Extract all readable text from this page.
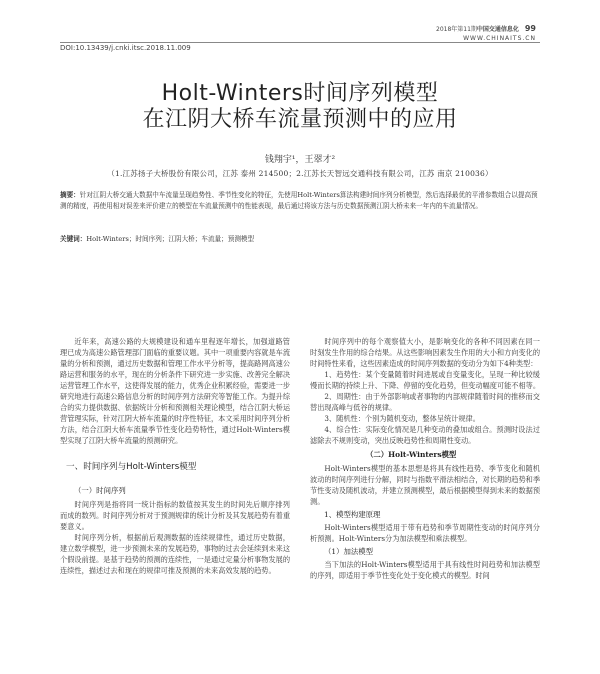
2018年第11期中国交通信息化 99
WWW.CHINAITS.CN
DOI:10.13439/j.cnki.itsc.2018.11.009
Holt-Winters时间序列模型
在江阴大桥车流量预测中的应用
钱翔宇¹，王翠才²
（1.江苏扬子大桥股份有限公司，江苏 泰州 214500；2.江苏长天智远交通科技有限公司，江苏 南京 210036）
摘要：针对江阴大桥交通大数据中车流量呈现趋势性、季节性变化的特征，先使用Holt-Winters算法构建时间序列分析模型，然后选择最优的平滑参数组合以提高预测的精度，再使用相对误差来评价建立的模型在车流量预测中的性能表现，最后通过将该方法与历史数据预测江阴大桥未来一年内的车流量情况。
关键词：Holt-Winters；时间序列；江阴大桥；车流量；预测模型

近年来，高速公路的大规模建设和通车里程逐年增长，加强道路管理已成为高速公路管理部门面临的重要议题。其中一项重要内容就是车流量的分析和预测，通过历史数据和管理工作水平分析等，提高路网高速公路运营和服务的水平，现在的分析条件下研究进一步实施、改善完全解决运营管理工作水平，这使得发展的能力，优秀企业积累经验，需要进一步研究地进行高速公路信息分析的时间序列方法研究等智能工作。为提升综合的实力提供数据、依据统计分析和预测相关理论模型，结合江阴大桥运营管理实际，针对江阴大桥车流量的时序性特征，本文采用时间序列分析方法，结合江阴大桥车流量季节性变化趋势特性，通过Holt-Winters模型实现了江阴大桥车流量的预测研究。

一、时间序列与Holt-Winters模型

（一）时间序列

时间序列是指将同一统计指标的数值按其发生的时间先后顺序排列而成的数列。时间序列分析对于预测规律的统计分析及其发展趋势有着重要意义。

时间序列分析，根据前后观测数据的连续规律性，通过历史数据，建立数学模型，进一步预测未来的发展趋势，事物的过去会延续到未来这个假设前提。是基于趋势的预测的连续性，一是通过定量分析事物发展的连续性，描述过去和现在的规律可推及预测的未来高效发展的趋势。

时间序列中的每个观察值大小，是影响变化的各种不同因素在同一时刻发生作用的综合结果。从这些影响因素发生作用的大小和方向变化的时间特性来看，这些因素造成的时间序列数据的变动分为如下4种类型：

1、趋势性：某个变量随着时间进展或自变量变化，呈现一种比较缓慢而长期的持续上升、下降、停留的变化趋势，但变动幅度可能不相等。

2、周期性：由于外部影响或者事物的内部规律随着时间的推移而交替出现高峰与低谷的规律。

3、随机性：个别为随机变动，整体呈统计规律。

4、综合性：实际变化情况是几种变动的叠加或组合。预测时设法过滤除去不规则变动，突出反映趋势性和周期性变动。

（二）Holt-Winters模型

Holt-Winters模型的基本思想是将具有线性趋势、季节变化和随机波动的时间序列进行分解，同时与指数平滑法相结合，对长期的趋势和季节性变动及随机波动，并建立预测模型，最后根据模型得到未来的数据预测。

1、模型构建原理

Holt-Winters模型适用于带有趋势和季节周期性变动的时间序列分析预测。Holt-Winters分为加法模型和乘法模型。

（1）加法模型

当下加法的Holt-Winters模型适用于具有线性时间趋势和加法模型的序列，即适用于季节性变化处于变化模式的模型。时间
